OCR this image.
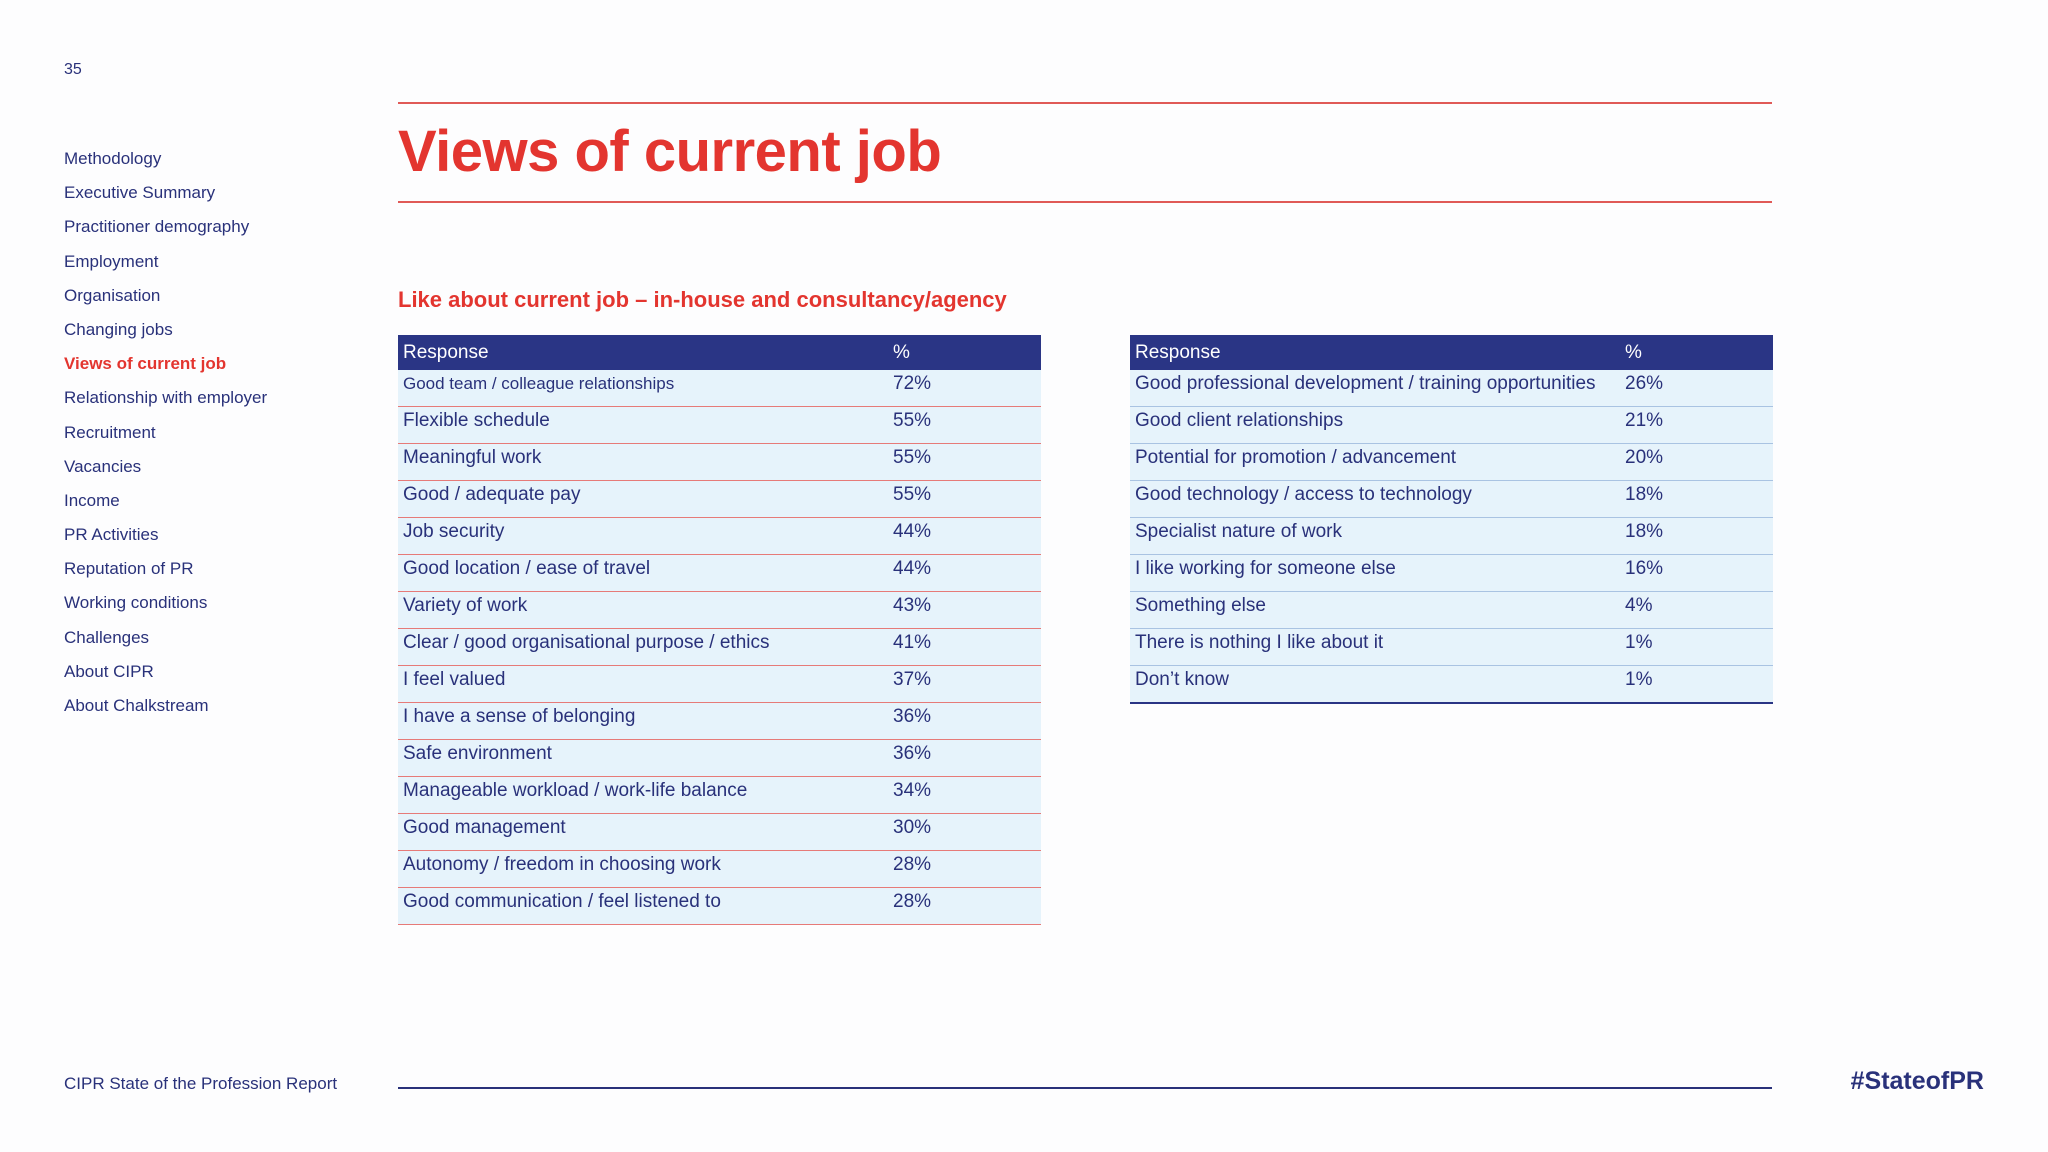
35
Methodology
Executive Summary
Practitioner demography
Employment
Organisation
Changing jobs
Views of current job
Relationship with employer
Recruitment
Vacancies
Income
PR Activities
Reputation of PR
Working conditions
Challenges
About CIPR
About Chalkstream
Views of current job
Like about current job – in-house and consultancy/agency
Response	%
Good team / colleague relationships	72%
Flexible schedule	55%
Meaningful work	55%
Good / adequate pay	55%
Job security	44%
Good location / ease of travel	44%
Variety of work	43%
Clear / good organisational purpose / ethics	41%
I feel valued	37%
I have a sense of belonging	36%
Safe environment	36%
Manageable workload / work-life balance	34%
Good management	30%
Autonomy / freedom in choosing work	28%
Good communication / feel listened to	28%
Response	%
Good professional development / training opportunities	26%
Good client relationships	21%
Potential for promotion / advancement	20%
Good technology / access to technology	18%
Specialist nature of work	18%
I like working for someone else	16%
Something else	4%
There is nothing I like about it	1%
Don’t know	1%
CIPR State of the Profession Report	#StateofPR
